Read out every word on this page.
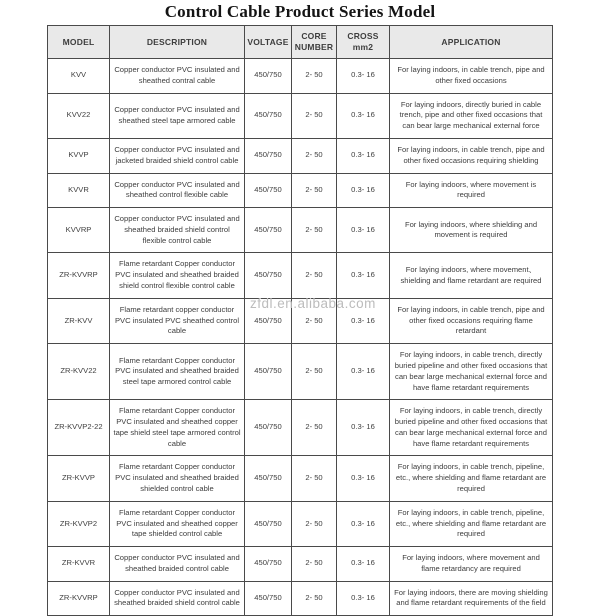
Control Cable Product Series Model
MODEL	DESCRIPTION	VOLTAGE	CORE NUMBER	CROSS mm2	APPLICATION
KVV	Copper conductor PVC insulated and sheathed contral cable	450/750	2- 50	0.3- 16	For laying indoors, in cable trench, pipe and other fixed occasions
KVV22	Copper conductor PVC insulated and sheathed steel tape armored cable	450/750	2- 50	0.3- 16	For laying indoors, directly buried in cable trench, pipe and other fixed occasions that can bear large mechanical external force
KVVP	Copper conductor PVC insulated and jacketed braided shield control cable	450/750	2- 50	0.3- 16	For laying indoors, in cable trench, pipe and other fixed occasions requiring shielding
KVVR	Copper conductor PVC insulated and sheathed control flexible cable	450/750	2- 50	0.3- 16	For laying indoors, where movement is required
KVVRP	Copper conductor PVC insulated and sheathed braided shield control flexible control cable	450/750	2- 50	0.3- 16	For laying indoors, where shielding and movement is required
ZR-KVVRP	Flame retardant Copper conductor PVC insulated and sheathed braided shield control flexible control cable	450/750	2- 50	0.3- 16	For laying indoors, where movement、 shielding and flame retardant are required
ZR-KVV	Flame retardant copper conductor PVC insulated PVC sheathed control cable	450/750	2- 50	0.3- 16	For laying indoors, in cable trench, pipe and other fixed occasions requiring flame retardant
ZR-KVV22	Flame retardant Copper conductor PVC insulated and sheathed braided steel tape armored control cable	450/750	2- 50	0.3- 16	For laying indoors, in cable trench, directly buried pipeline and other fixed occasions that can bear large mechanical external force and have flame retardant requirements
ZR-KVVP2-22	Flame retardant Copper conductor PVC insulated and sheathed copper tape shield steel tape armored control cable	450/750	2- 50	0.3- 16	For laying indoors, in cable trench, directly buried pipeline and other fixed occasions that can bear large mechanical external force and have flame retardant requirements
ZR-KVVP	Flame retardant Copper conductor PVC insulated and sheathed braided shielded control cable	450/750	2- 50	0.3- 16	For laying indoors, in cable trench, pipeline, etc., where shielding and flame retardant are required
ZR-KVVP2	Flame retardant Copper conductor PVC insulated and sheathed copper tape shielded control cable	450/750	2- 50	0.3- 16	For laying indoors, in cable trench, pipeline, etc., where shielding and flame retardant are required
ZR-KVVR	Copper conductor PVC insulated and sheathed braided control cable	450/750	2- 50	0.3- 16	For laying indoors, where movement and flame retardancy are required
ZR-KVVRP	Copper conductor PVC insulated and sheathed braided shield control cable	450/750	2- 50	0.3- 16	For laying indoors, there are moving shielding and flame retardant requirements of the field
zfdl.en.alibaba.com
